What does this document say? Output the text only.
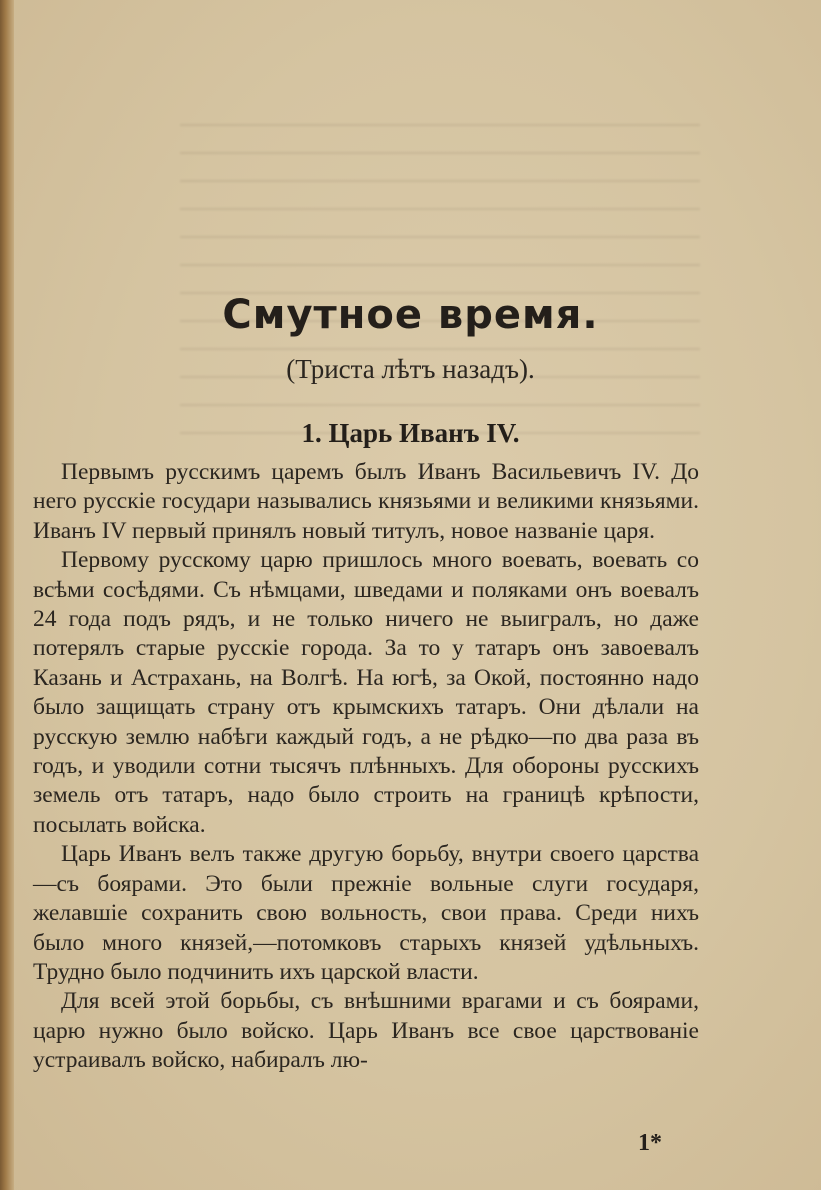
Смутное время.
(Триста лѣтъ назадъ).
1. Царь Иванъ IV.

Первымъ русскимъ царемъ былъ Иванъ Васильевичъ IV. До него русскіе государи назывались князьями и великими князьями. Иванъ IV первый принялъ новый титулъ, новое названіе царя.

Первому русскому царю пришлось много воевать, воевать со всѣми сосѣдями. Съ нѣмцами, шведами и поляками онъ воевалъ 24 года подъ рядъ, и не только ничего не выигралъ, но даже потерялъ старые русскіе города. За то у татаръ онъ завоевалъ Казань и Астрахань, на Волгѣ. На югѣ, за Окой, постоянно надо было защищать страну отъ крымскихъ татаръ. Они дѣлали на русскую землю набѣги каждый годъ, а не рѣдко—по два раза въ годъ, и уводили сотни тысячъ плѣнныхъ. Для обороны русскихъ земель отъ татаръ, надо было строить на границѣ крѣпости, посылать войска.

Царь Иванъ велъ также другую борьбу, внутри своего царства—съ боярами. Это были прежніе вольные слуги государя, желавшіе сохранить свою вольность, свои права. Среди нихъ было много князей,—потомковъ старыхъ князей удѣльныхъ. Трудно было подчинить ихъ царской власти.

Для всей этой борьбы, съ внѣшними врагами и съ боярами, царю нужно было войско. Царь Иванъ все свое царствованіе устраивалъ войско, набиралъ лю-

1*
